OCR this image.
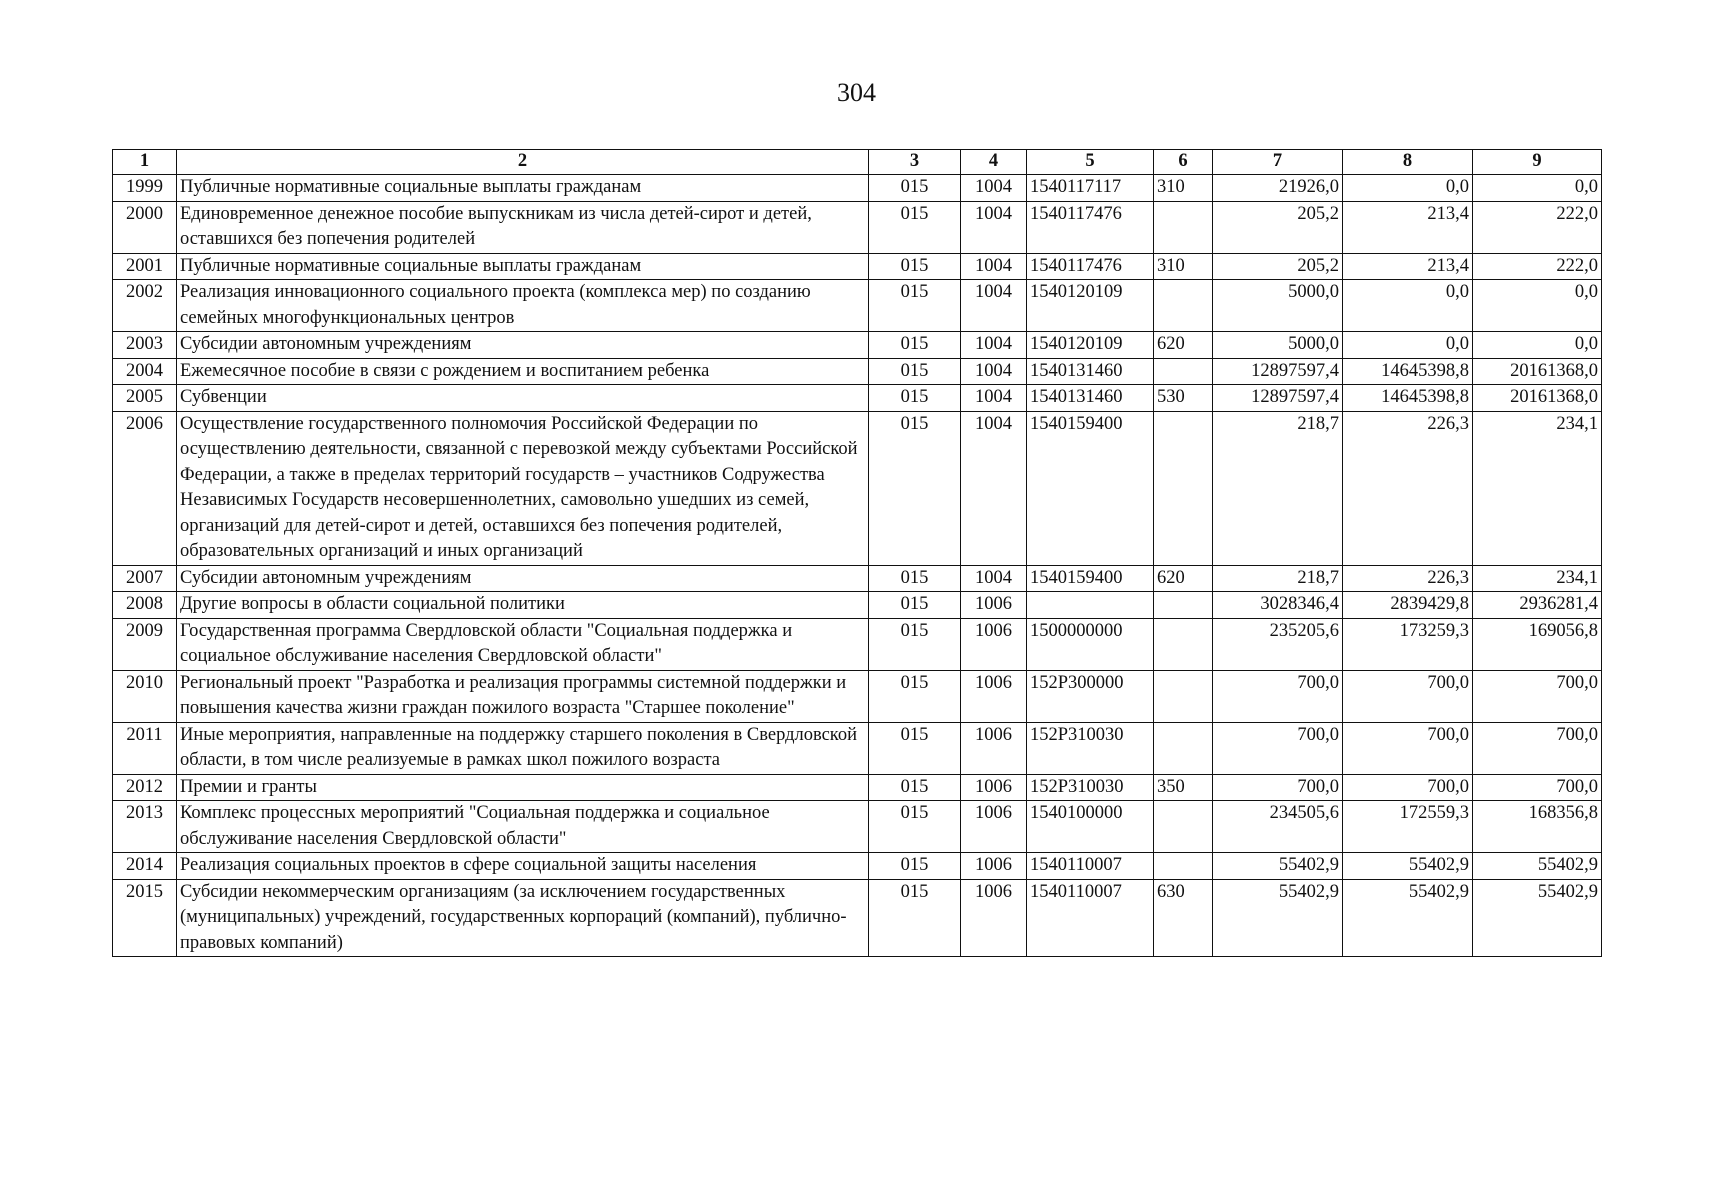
304
1	2	3	4	5	6	7	8	9
1999	Публичные нормативные социальные выплаты гражданам	015	1004	1540117117	310	21926,0	0,0	0,0
2000	Единовременное денежное пособие выпускникам из числа детей-сирот и детей, оставшихся без попечения родителей	015	1004	1540117476		205,2	213,4	222,0
2001	Публичные нормативные социальные выплаты гражданам	015	1004	1540117476	310	205,2	213,4	222,0
2002	Реализация инновационного социального проекта (комплекса мер) по созданию семейных многофункциональных центров	015	1004	1540120109		5000,0	0,0	0,0
2003	Субсидии автономным учреждениям	015	1004	1540120109	620	5000,0	0,0	0,0
2004	Ежемесячное пособие в связи с рождением и воспитанием ребенка	015	1004	1540131460		12897597,4	14645398,8	20161368,0
2005	Субвенции	015	1004	1540131460	530	12897597,4	14645398,8	20161368,0
2006	Осуществление государственного полномочия Российской Федерации по осуществлению деятельности, связанной с перевозкой между субъектами Российской Федерации, а также в пределах территорий государств – участников Содружества Независимых Государств несовершеннолетних, самовольно ушедших из семей, организаций для детей-сирот и детей, оставшихся без попечения родителей, образовательных организаций и иных организаций	015	1004	1540159400		218,7	226,3	234,1
2007	Субсидии автономным учреждениям	015	1004	1540159400	620	218,7	226,3	234,1
2008	Другие вопросы в области социальной политики	015	1006			3028346,4	2839429,8	2936281,4
2009	Государственная программа Свердловской области "Социальная поддержка и социальное обслуживание населения Свердловской области"	015	1006	1500000000		235205,6	173259,3	169056,8
2010	Региональный проект "Разработка и реализация программы системной поддержки и повышения качества жизни граждан пожилого возраста "Старшее поколение"	015	1006	152P300000		700,0	700,0	700,0
2011	Иные мероприятия, направленные на поддержку старшего поколения в Свердловской области, в том числе реализуемые в рамках школ пожилого возраста	015	1006	152P310030		700,0	700,0	700,0
2012	Премии и гранты	015	1006	152P310030	350	700,0	700,0	700,0
2013	Комплекс процессных мероприятий "Социальная поддержка и социальное обслуживание населения Свердловской области"	015	1006	1540100000		234505,6	172559,3	168356,8
2014	Реализация социальных проектов в сфере социальной защиты населения	015	1006	1540110007		55402,9	55402,9	55402,9
2015	Субсидии некоммерческим организациям (за исключением государственных (муниципальных) учреждений, государственных корпораций (компаний), публично-правовых компаний)	015	1006	1540110007	630	55402,9	55402,9	55402,9
